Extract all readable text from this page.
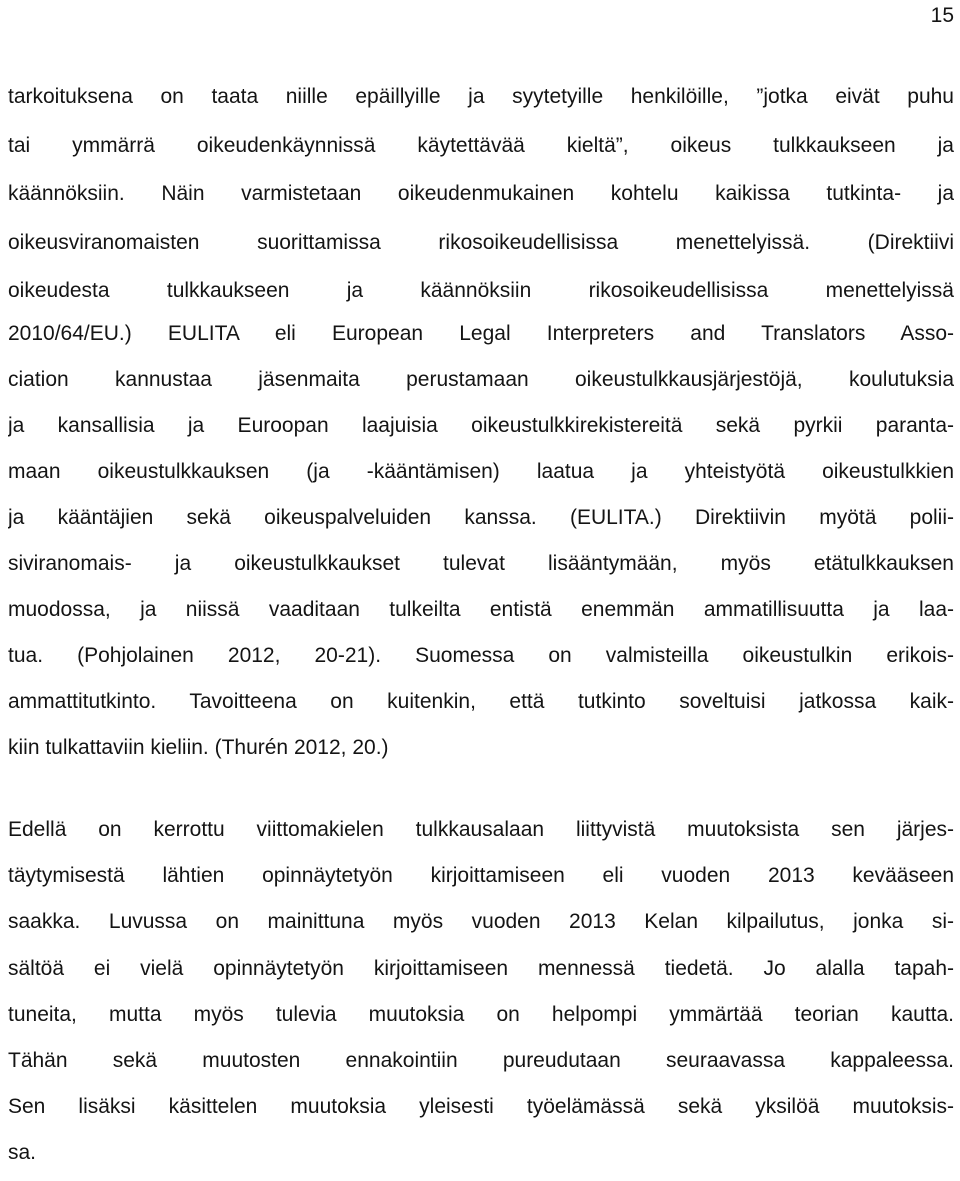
15
tarkoituksena on taata niille epäillyille ja syytetyille henkilöille, ”jotka eivät puhu
tai ymmärrä oikeudenkäynnissä käytettävää kieltä”, oikeus tulkkaukseen ja
käännöksiin. Näin varmistetaan oikeudenmukainen kohtelu kaikissa tutkinta- ja
oikeusviranomaisten suorittamissa rikosoikeudellisissa menettelyissä. (Direktiivi
oikeudesta tulkkaukseen ja käännöksiin rikosoikeudellisissa menettelyissä
2010/64/EU.) EULITA eli European Legal Interpreters and Translators Asso-
ciation kannustaa jäsenmaita perustamaan oikeustulkkausjärjestöjä, koulutuksia
ja kansallisia ja Euroopan laajuisia oikeustulkkirekistereitä sekä pyrkii paranta-
maan oikeustulkkauksen (ja -kääntämisen) laatua ja yhteistyötä oikeustulkkien
ja kääntäjien sekä oikeuspalveluiden kanssa. (EULITA.) Direktiivin myötä polii-
siviranomais- ja oikeustulkkaukset tulevat lisääntymään, myös etätulkkauksen
muodossa, ja niissä vaaditaan tulkeilta entistä enemmän ammatillisuutta ja laa-
tua. (Pohjolainen 2012, 20-21). Suomessa on valmisteilla oikeustulkin erikois-
ammattitutkinto. Tavoitteena on kuitenkin, että tutkinto soveltuisi jatkossa kaik-
kiin tulkattaviin kieliin. (Thurén 2012, 20.)
Edellä on kerrottu viittomakielen tulkkausalaan liittyvistä muutoksista sen järjes-
täytymisestä lähtien opinnäytetyön kirjoittamiseen eli vuoden 2013 kevääseen
saakka. Luvussa on mainittuna myös vuoden 2013 Kelan kilpailutus, jonka si-
sältöä ei vielä opinnäytetyön kirjoittamiseen mennessä tiedetä. Jo alalla tapah-
tuneita, mutta myös tulevia muutoksia on helpompi ymmärtää teorian kautta.
Tähän sekä muutosten ennakointiin pureudutaan seuraavassa kappaleessa.
Sen lisäksi käsittelen muutoksia yleisesti työelämässä sekä yksilöä muutoksis-
sa.
